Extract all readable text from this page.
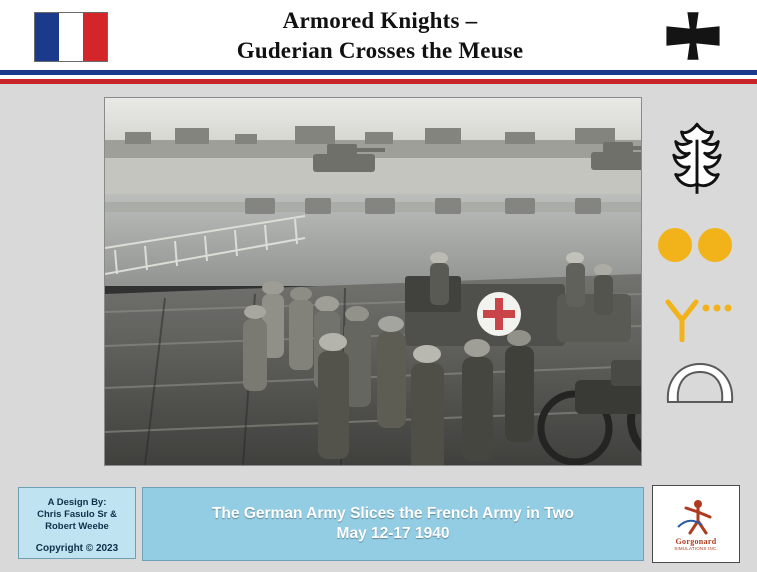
Armored Knights –
Guderian Crosses the Meuse
A Design By:
Chris Fasulo Sr &
Robert Weebe
Copyright © 2023
The German Army Slices the French Army in Two
May 12-17 1940	Gorgonard
SIMULATIONS INC.
